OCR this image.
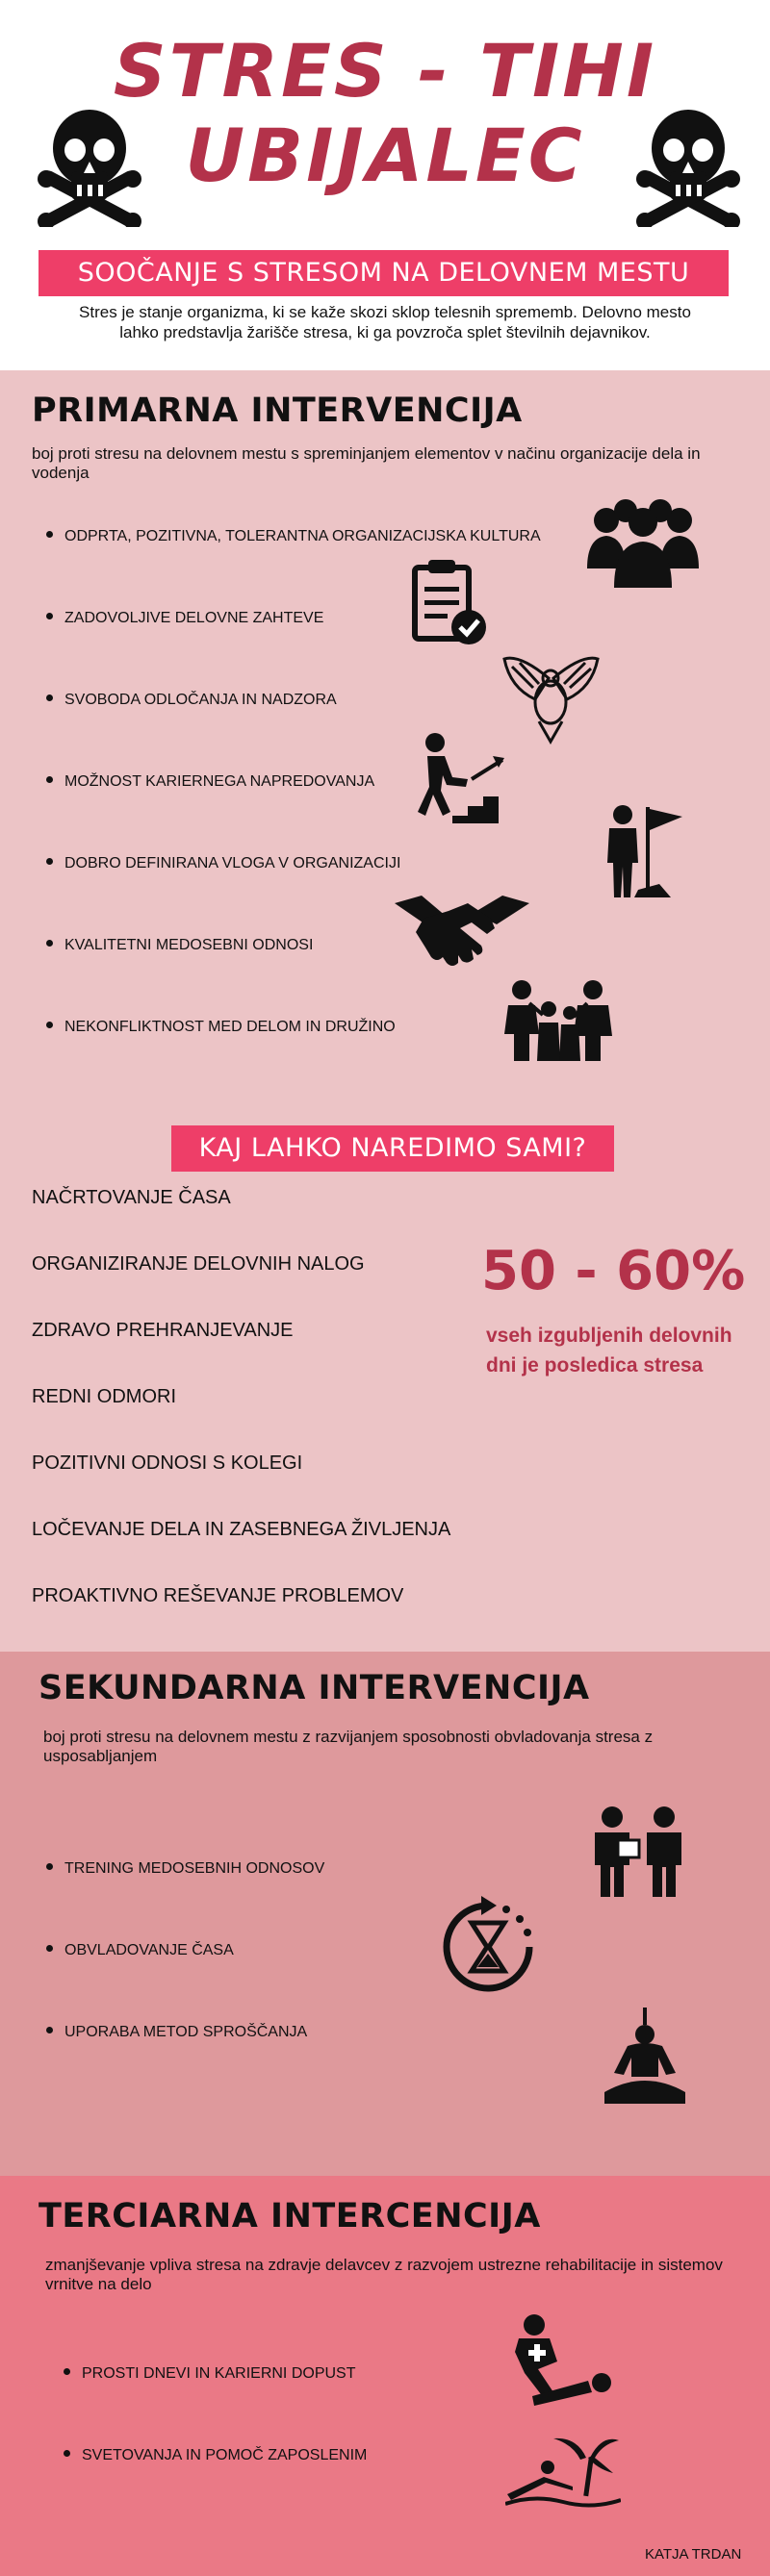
STRES - TIHI
UBIJALEC
SOOČANJE S STRESOM NA DELOVNEM MESTU
Stres je stanje organizma, ki se kaže skozi sklop telesnih sprememb. Delovno mesto lahko predstavlja žarišče stresa, ki ga povzroča splet številnih dejavnikov.
PRIMARNA INTERVENCIJA
boj proti stresu na delovnem mestu s spreminjanjem elementov v načinu organizacije dela in vodenja
ODPRTA, POZITIVNA, TOLERANTNA ORGANIZACIJSKA KULTURA
ZADOVOLJIVE DELOVNE ZAHTEVE
SVOBODA ODLOČANJA IN NADZORA
MOŽNOST KARIERNEGA NAPREDOVANJA
DOBRO DEFINIRANA VLOGA V ORGANIZACIJI
KVALITETNI MEDOSEBNI ODNOSI
NEKONFLIKTNOST MED DELOM IN DRUŽINO
KAJ LAHKO NAREDIMO SAMI?
NAČRTOVANJE ČASA
ORGANIZIRANJE DELOVNIH NALOG
ZDRAVO PREHRANJEVANJE
REDNI ODMORI
POZITIVNI ODNOSI S KOLEGI
LOČEVANJE DELA IN ZASEBNEGA ŽIVLJENJA
PROAKTIVNO REŠEVANJE PROBLEMOV
50 - 60%
vseh izgubljenih delovnih dni je posledica stresa
SEKUNDARNA INTERVENCIJA
boj proti stresu na delovnem mestu z razvijanjem sposobnosti obvladovanja stresa z usposabljanjem
TRENING MEDOSEBNIH ODNOSOV
OBVLADOVANJE ČASA
UPORABA METOD SPROŠČANJA
TERCIARNA INTERCENCIJA
zmanjševanje vpliva stresa na zdravje delavcev z razvojem ustrezne rehabilitacije in sistemov vrnitve na delo
PROSTI DNEVI IN KARIERNI DOPUST
SVETOVANJA IN POMOČ ZAPOSLENIM
KATJA TRDAN
